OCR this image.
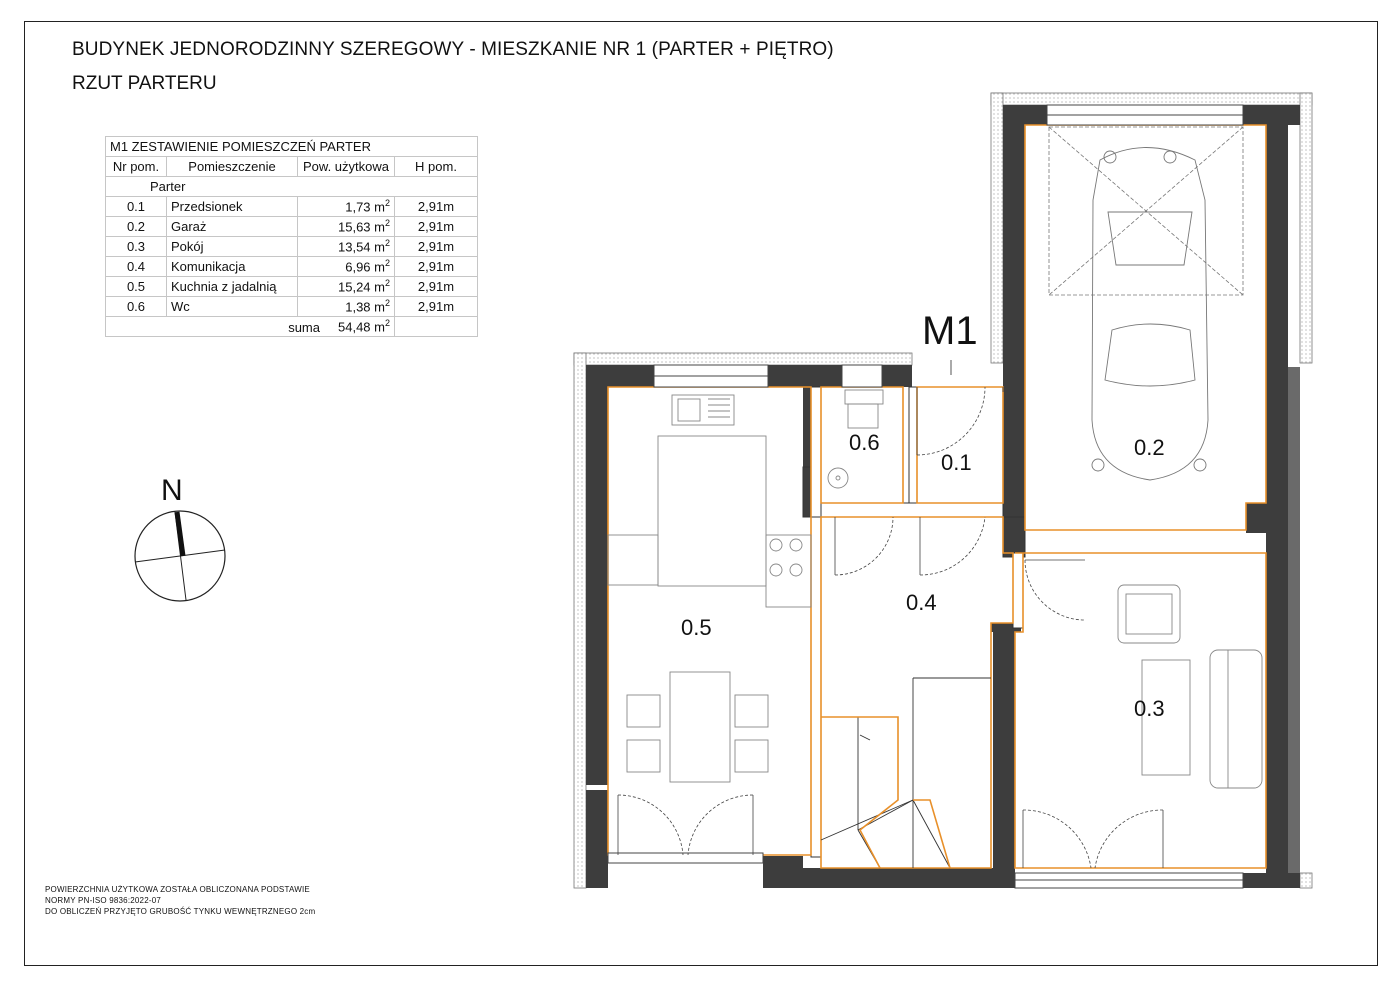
BUDYNEK JEDNORODZINNY SZEREGOWY - MIESZKANIE NR 1 (PARTER + PIĘTRO)
RZUT PARTERU
M1 ZESTAWIENIE POMIESZCZEŃ PARTER			
Nr pom.	Pomieszczenie	Pow. użytkowa	H pom.
Parter			
0.1	Przedsionek	1,73 $m^2$	2,91m
0.2	Garaż	15,63 $m^2$	2,91m
0.3	Pokój	13,54 $m^2$	2,91m
0.4	Komunikacja	6,96 $m^2$	2,91m
0.5	Kuchnia z jadalnią	15,24 $m^2$	2,91m
0.6	Wc	1,38 $m^2$	2,91m
suma 54,48 $m^2$	
POWIERZCHNIA UŻYTKOWA ZOSTAŁA OBLICZONANA PODSTAWIE
NORMY PN-ISO 9836:2022-07
DO OBLICZEŃ PRZYJĘTO GRUBOŚĆ TYNKU WEWNĘTRZNEGO 2cm
M1
0.6
0.1
0.2
0.4
0.5
0.3
N
